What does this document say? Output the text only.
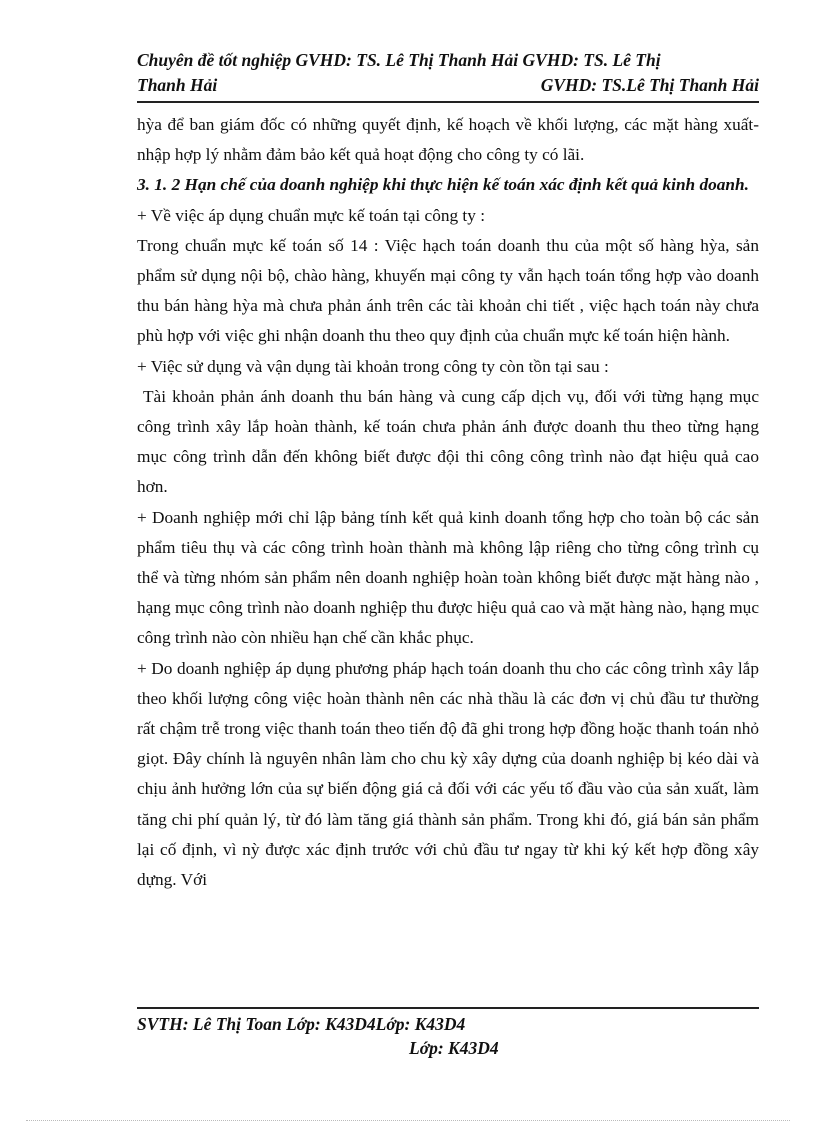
Chuyên đề tốt nghiệp GVHD: TS. Lê Thị Thanh Hải GVHD: TS. Lê Thị
Thanh Hải	GVHD: TS.Lê Thị Thanh Hải

hỳa để ban giám đốc có những quyết định, kế hoạch về khối lượng, các mặt hàng xuất- nhập hợp lý nhằm đảm bảo kết quả hoạt động cho công ty có lãi.

3. 1. 2 Hạn chế của doanh nghiệp khi thực hiện kế toán xác định kết quả kinh doanh.

+ Về việc áp dụng chuẩn mực kế toán tại công ty :

Trong chuẩn mực kế toán số 14 : Việc hạch toán doanh thu của một số hàng hỳa, sản phẩm sử dụng nội bộ, chào hàng, khuyến mại công ty vẫn hạch toán tổng hợp vào doanh thu bán hàng hỳa mà chưa phản ánh trên các tài khoản chi tiết , việc hạch toán này chưa phù hợp với việc ghi nhận doanh thu theo quy định của chuẩn mực kế toán hiện hành.

+ Việc sử dụng và vận dụng tài khoản trong công ty còn tồn tại sau :

Tài khoản phản ánh doanh thu bán hàng và cung cấp dịch vụ, đối với từng hạng mục công trình xây lắp hoàn thành, kế toán chưa phản ánh được doanh thu theo từng hạng mục công trình dẫn đến không biết được đội thi công công trình nào đạt hiệu quả cao hơn.

+ Doanh nghiệp mới chỉ lập bảng tính kết quả kinh doanh tổng hợp cho toàn bộ các sản phẩm tiêu thụ và các công trình hoàn thành mà không lập riêng cho từng công trình cụ thể và từng nhóm sản phẩm nên doanh nghiệp hoàn toàn không biết được mặt hàng nào , hạng mục công trình nào doanh nghiệp thu được hiệu quả cao và mặt hàng nào, hạng mục công trình nào còn nhiều hạn chế cần khắc phục.

+ Do doanh nghiệp áp dụng phương pháp hạch toán doanh thu cho các công trình xây lắp theo khối lượng công việc hoàn thành nên các nhà thầu là các đơn vị chủ đầu tư thường rất chậm trễ trong việc thanh toán theo tiến độ đã ghi trong hợp đồng hoặc thanh toán nhỏ giọt. Đây chính là nguyên nhân làm cho chu kỳ xây dựng của doanh nghiệp bị kéo dài và chịu ảnh hưởng lớn của sự biến động giá cả đối với các yếu tố đầu vào của sản xuất, làm tăng chi phí quản lý, từ đó làm tăng giá thành sản phẩm. Trong khi đó, giá bán sản phẩm lại cố định, vì nỳ được xác định trước với chủ đầu tư ngay từ khi ký kết hợp đồng xây dựng. Với

SVTH: Lê Thị Toan Lớp: K43D4Lớp: K43D4
Lớp: K43D4
